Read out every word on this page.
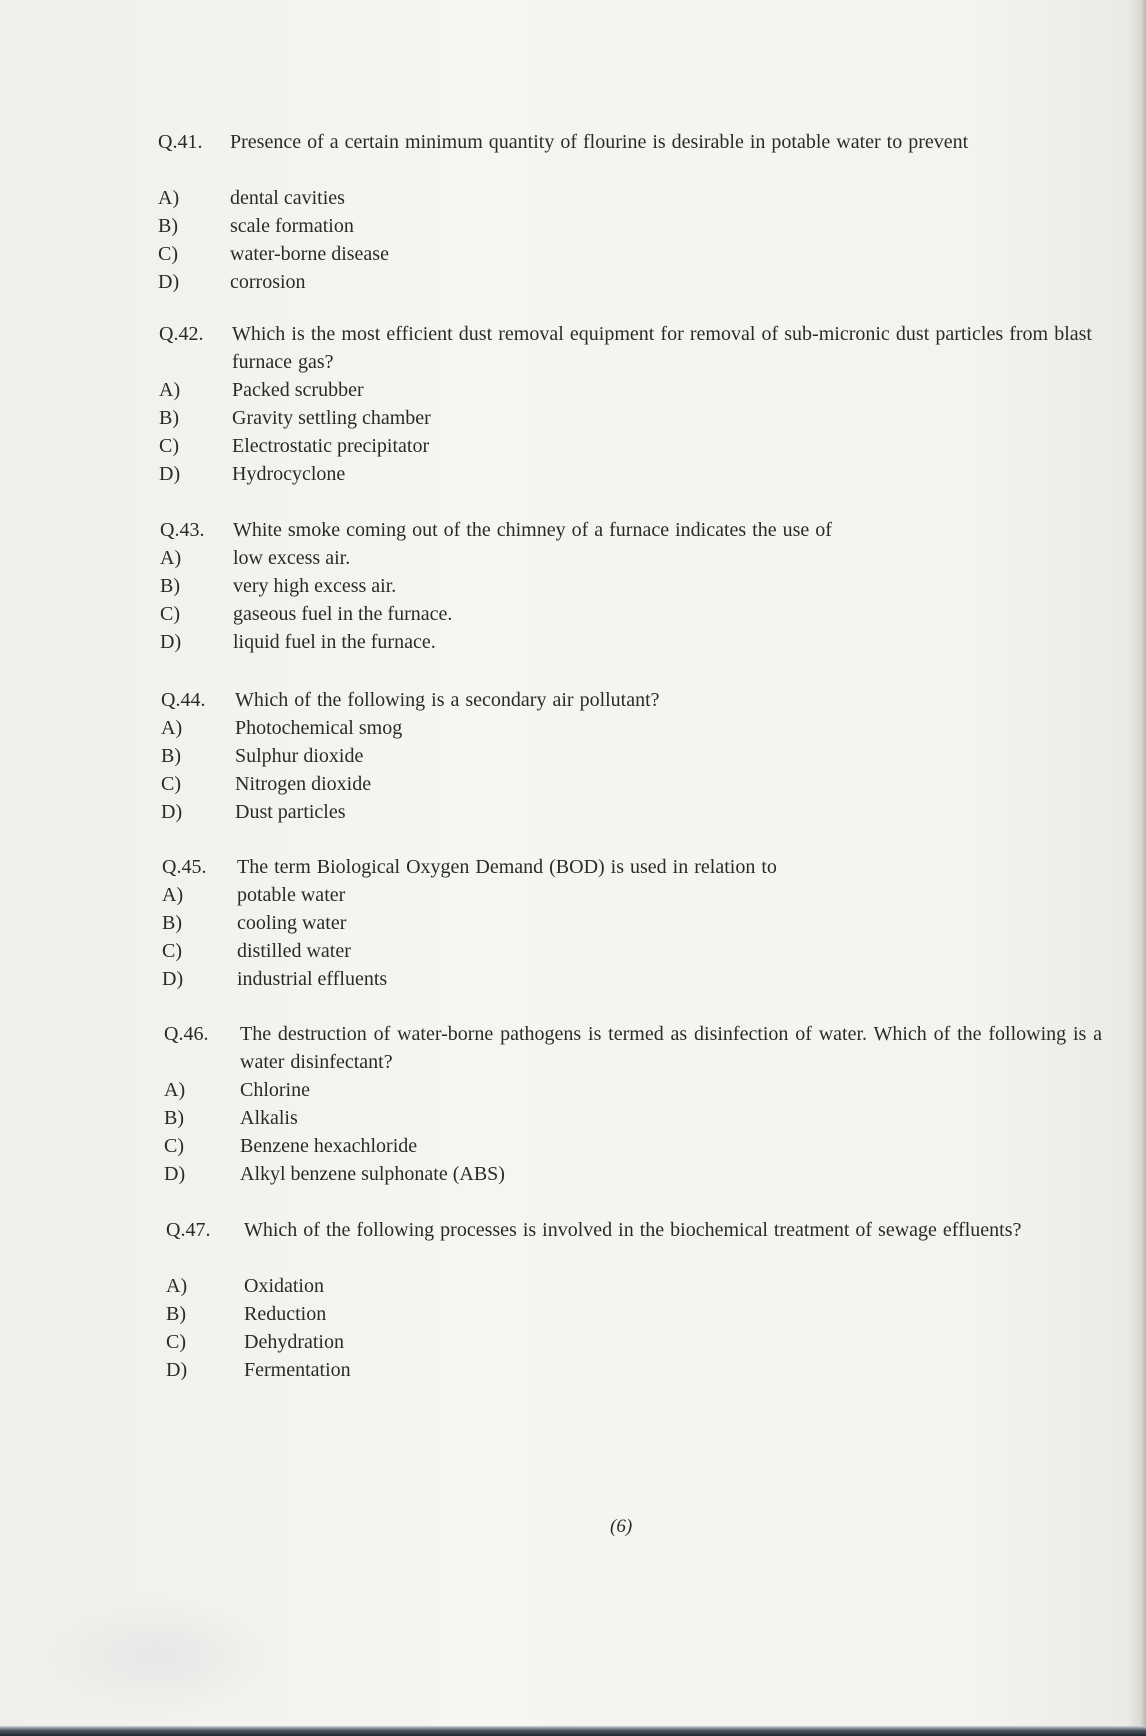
Q.41. Presence of a certain minimum quantity of flourine is desirable in potable water to prevent
A)	dental cavities
B)	scale formation
C)	water-borne disease
D)	corrosion
Q.42. Which is the most efficient dust removal equipment for removal of sub-micronic dust particles from blast furnace gas?
A)	Packed scrubber
B)	Gravity settling chamber
C)	Electrostatic precipitator
D)	Hydrocyclone
Q.43. White smoke coming out of the chimney of a furnace indicates the use of
A)	low excess air.
B)	very high excess air.
C)	gaseous fuel in the furnace.
D)	liquid fuel in the furnace.
Q.44. Which of the following is a secondary air pollutant?
A)	Photochemical smog
B)	Sulphur dioxide
C)	Nitrogen dioxide
D)	Dust particles
Q.45. The term Biological Oxygen Demand (BOD) is used in relation to
A)	potable water
B)	cooling water
C)	distilled water
D)	industrial effluents
Q.46. The destruction of water-borne pathogens is termed as disinfection of water. Which of the following is a water disinfectant?
A)	Chlorine
B)	Alkalis
C)	Benzene hexachloride
D)	Alkyl benzene sulphonate (ABS)
Q.47. Which of the following processes is involved in the biochemical treatment of sewage effluents?
A)	Oxidation
B)	Reduction
C)	Dehydration
D)	Fermentation
(6)
